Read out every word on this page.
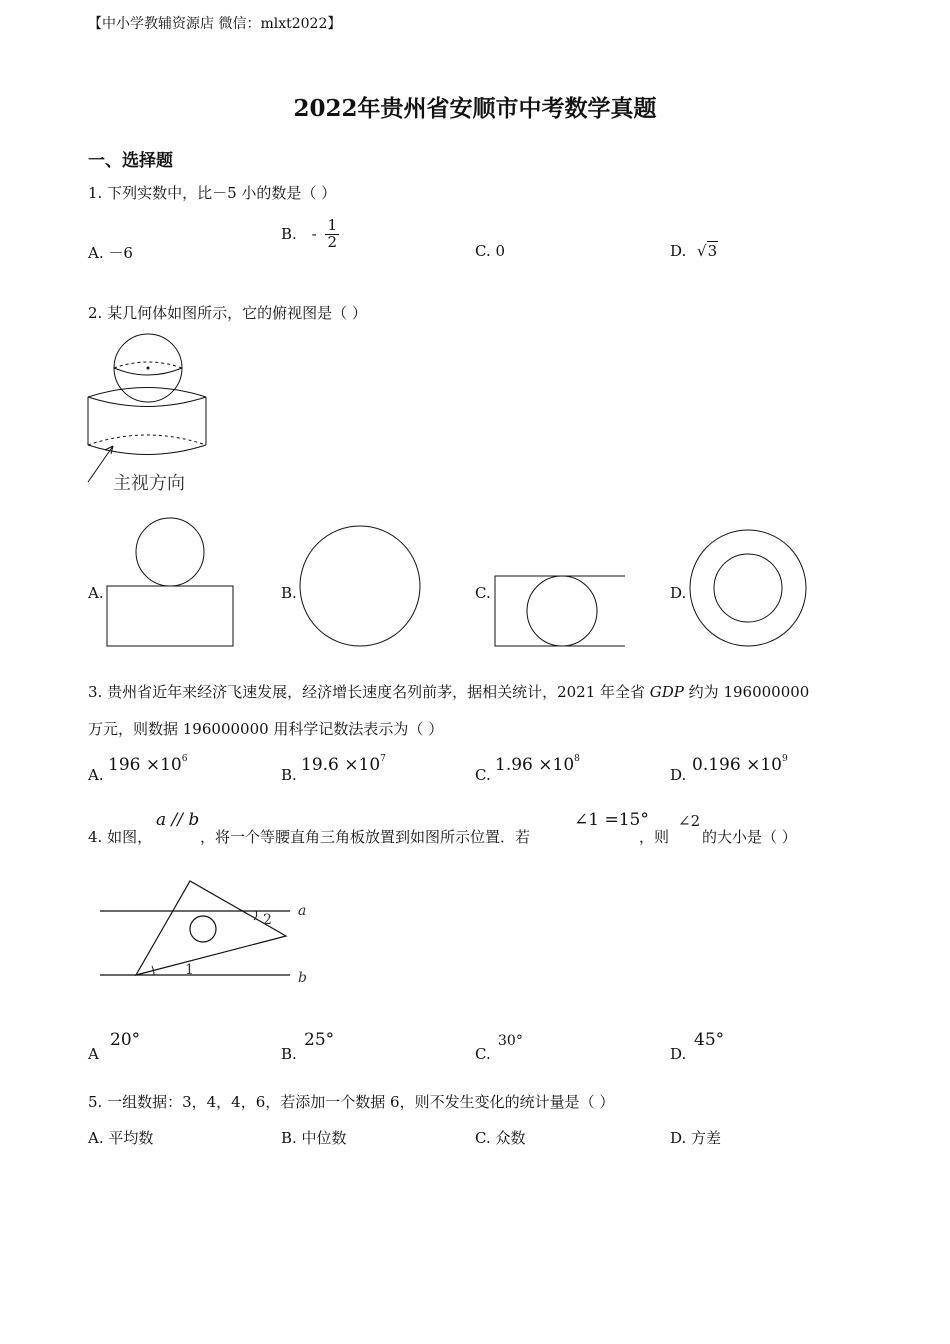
【中小学教辅资源店 微信：mlxt2022】
2022年贵州省安顺市中考数学真题
一、选择题
1. 下列实数中，比－5 小的数是（ ）
A. －6
B. - $\frac{1}{2}$
C. 0	D. √3
2. 某几何体如图所示，它的俯视图是（ ）
主视方向
A.	B.	C.	D.
3. 贵州省近年来经济飞速发展，经济增长速度名列前茅，据相关统计，2021 年全省 GDP 约为 196000000
万元，则数据 196000000 用科学记数法表示为（ ）
A. $196 \times 10^6$
B. $19.6 \times 10^7$
C. $1.96 \times 10^8$
D. $0.196 \times 10^9$
4. 如图，
a // b
，将一个等腰直角三角板放置到如图所示位置．若
∠1 =15°
，则
∠2
的大小是（ ）
2
1
a
b
A
20°
B.
25°
C.
30°
D.
45°
5. 一组数据：3，4，4，6，若添加一个数据 6，则不发生变化的统计量是（ ）
A. 平均数	B. 中位数	C. 众数	D. 方差
